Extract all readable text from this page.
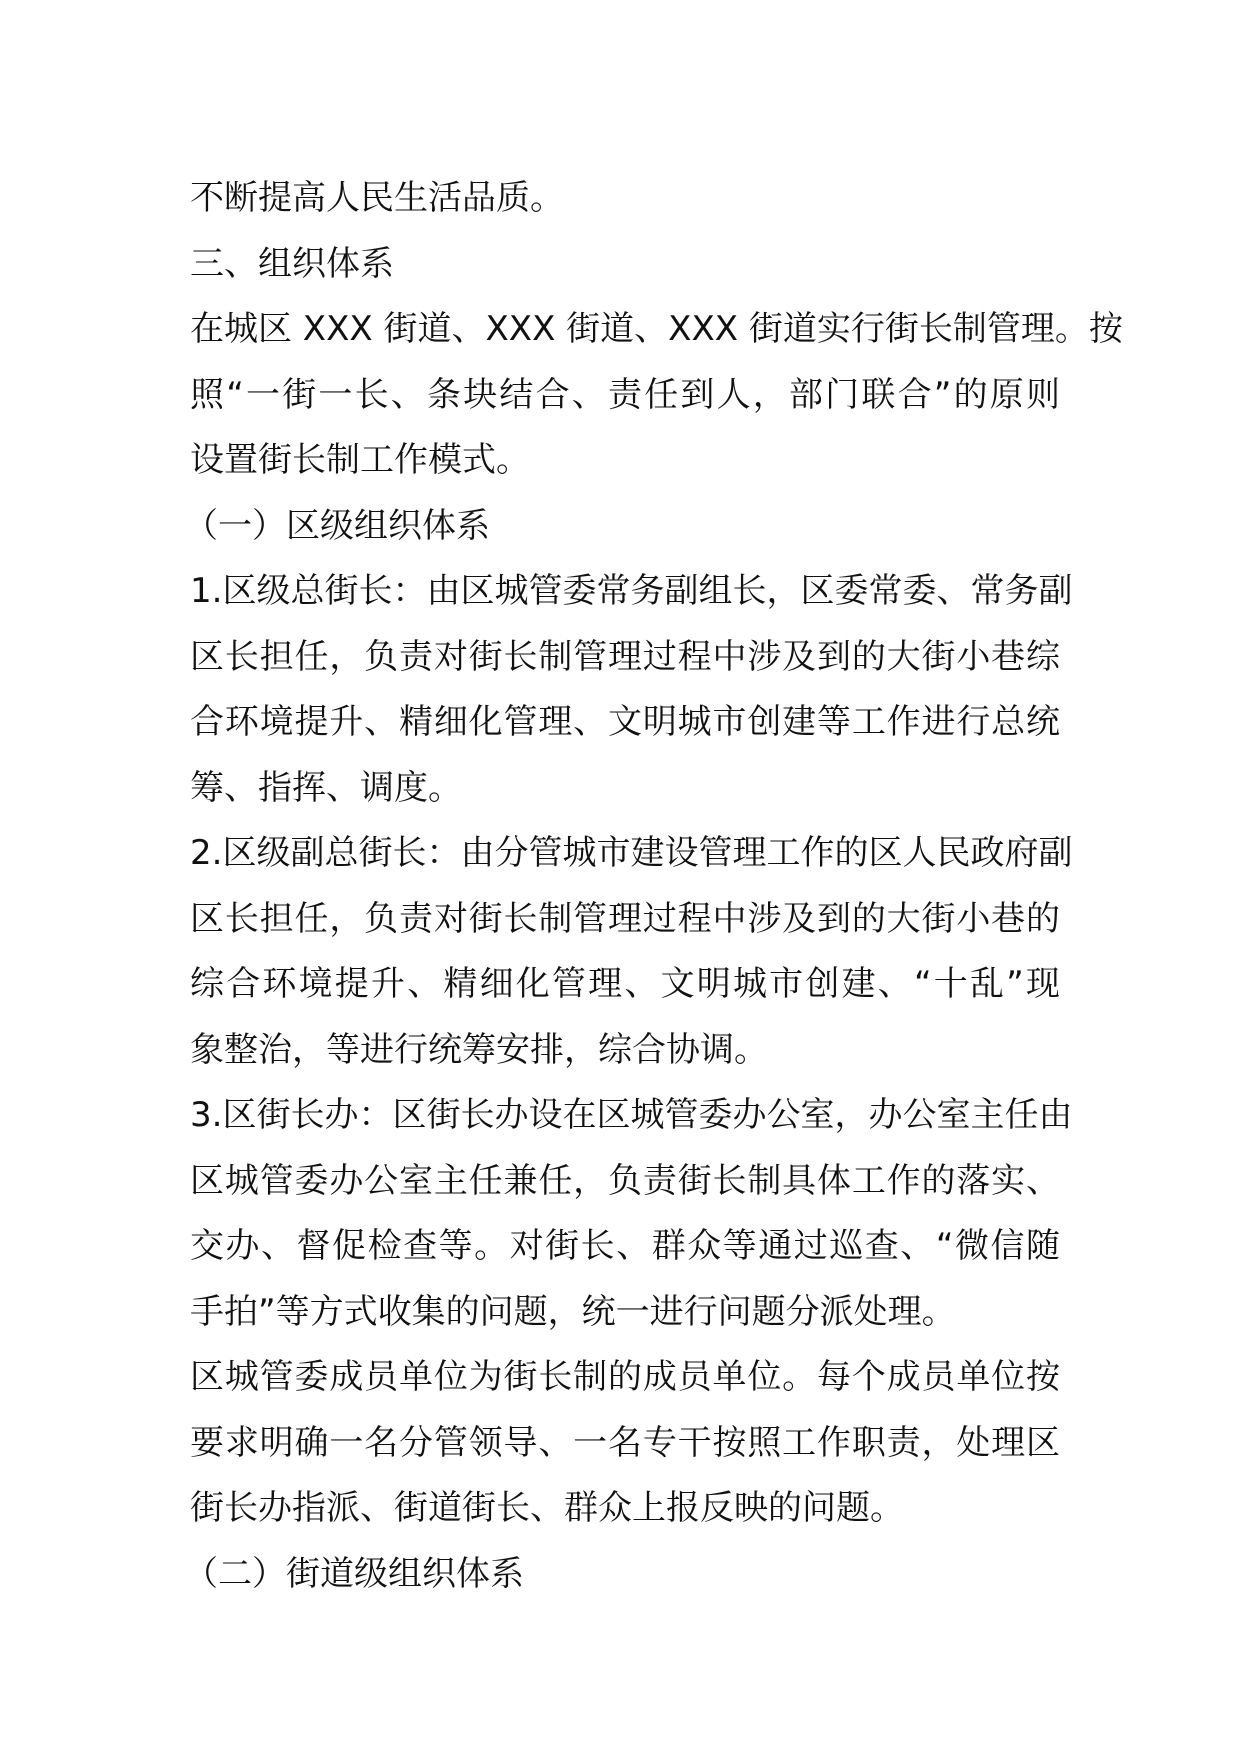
不断提高人民生活品质。
三、组织体系
在城区 XXX 街道、XXX 街道、XXX 街道实行街长制管理。按
照“一街一长、条块结合、责任到人，部门联合”的原则
设置街长制工作模式。
（一）区级组织体系
1.区级总街长：由区城管委常务副组长，区委常委、常务副
区长担任，负责对街长制管理过程中涉及到的大街小巷综
合环境提升、精细化管理、文明城市创建等工作进行总统
筹、指挥、调度。
2.区级副总街长：由分管城市建设管理工作的区人民政府副
区长担任，负责对街长制管理过程中涉及到的大街小巷的
综合环境提升、精细化管理、文明城市创建、“十乱”现
象整治，等进行统筹安排，综合协调。
3.区街长办：区街长办设在区城管委办公室，办公室主任由
区城管委办公室主任兼任，负责街长制具体工作的落实、
交办、督促检查等。对街长、群众等通过巡查、“微信随
手拍”等方式收集的问题，统一进行问题分派处理。
区城管委成员单位为街长制的成员单位。每个成员单位按
要求明确一名分管领导、一名专干按照工作职责，处理区
街长办指派、街道街长、群众上报反映的问题。
（二）街道级组织体系
